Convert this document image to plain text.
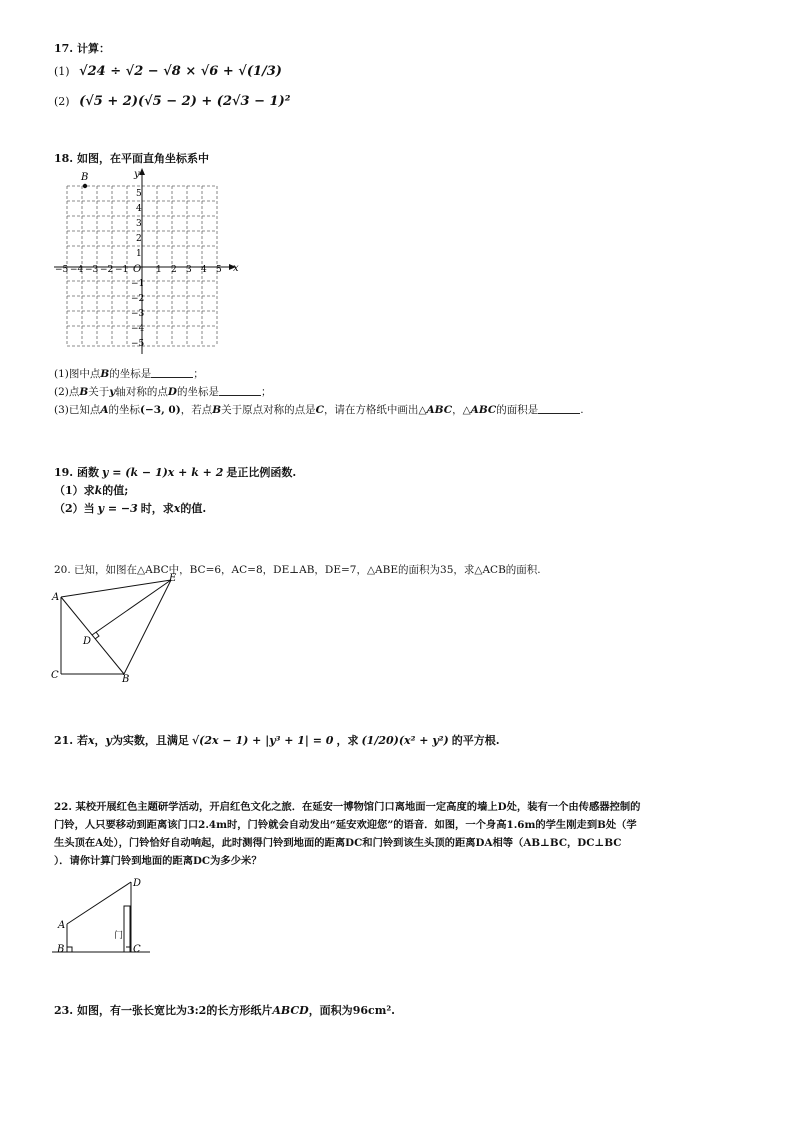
17. 计算：
(1) √24 ÷ √2 − √8 × √6 + √(1/3)
(2) (√5 + 2)(√5 − 2) + (2√3 − 1)²
18. 如图，在平面直角坐标系中
x
y
O
−5 −4 −3 −2 −1	1 2 3 4 5
5
4
3
2
1
−1
−2
−3
−4
−5
B
(1)图中点B的坐标是	；
(2)点B关于y轴对称的点D的坐标是	；
(3)已知点A的坐标(−3, 0)，若点B关于原点对称的点是C，请在方格纸中画出△ABC，△ABC的面积是	.
19. 函数 y = (k − 1)x + k + 2 是正比例函数.
（1）求k的值;
（2）当 y = −3 时，求x的值.
20. 已知，如图在△ABC中，BC=6，AC=8，DE⊥AB，DE=7，△ABE的面积为35，求△ACB的面积.
E
A
D
C	B
21. 若x，y为实数，且满足 √(2x − 1) + |y³ + 1| = 0 ，求 (1/20)(x² + y²) 的平方根.
22. 某校开展红色主题研学活动，开启红色文化之旅．在延安一博物馆门口离地面一定高度的墙上D处，装有一个由传感器控制的
门铃，人只要移动到距离该门口2.4m时，门铃就会自动发出“延安欢迎您”的语音．如图，一个身高1.6m的学生刚走到B处（学
生头顶在A处），门铃恰好自动响起，此时测得门铃到地面的距离DC和门铃到该生头顶的距离DA相等（AB⊥BC，DC⊥BC
）．请你计算门铃到地面的距离DC为多少米？
D
A
B	C
门
23. 如图，有一张长宽比为3:2的长方形纸片ABCD，面积为96cm².
